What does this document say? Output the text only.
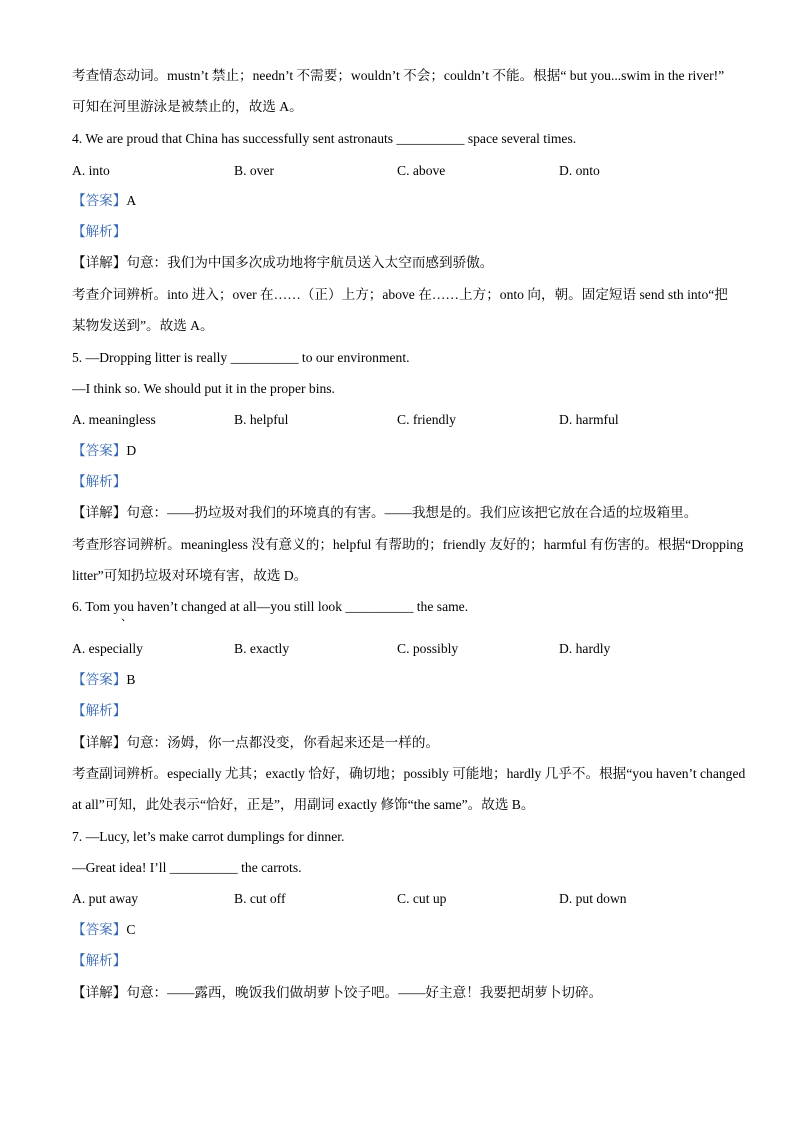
考查情态动词。mustn’t 禁止；needn’t 不需要；wouldn’t 不会；couldn’t 不能。根据“ but you...swim in the river!”
可知在河里游泳是被禁止的，故选 A。
4. We are proud that China has successfully sent astronauts __________ space several times.
A. into	B. over	C. above	D. onto
【答案】A
【解析】
【详解】句意：我们为中国多次成功地将宇航员送入太空而感到骄傲。
考查介词辨析。into 进入；over 在……（正）上方；above 在……上方；onto 向，朝。固定短语 send sth into“把
某物发送到”。故选 A。
5. —Dropping litter is really __________ to our environment.
—I think so. We should put it in the proper bins.
A. meaningless	B. helpful	C. friendly	D. harmful
【答案】D
【解析】
【详解】句意：——扔垃圾对我们的环境真的有害。——我想是的。我们应该把它放在合适的垃圾箱里。
考查形容词辨析。meaningless 没有意义的；helpful 有帮助的；friendly 友好的；harmful 有伤害的。根据“Dropping
litter”可知扔垃圾对环境有害，故选 D。
6. Tom you haven’t changed at all—you still look __________ the same.
、
A. especially	B. exactly	C. possibly	D. hardly
【答案】B
【解析】
【详解】句意：汤姆，你一点都没变，你看起来还是一样的。
考查副词辨析。especially 尤其；exactly 恰好，确切地；possibly 可能地；hardly 几乎不。根据“you haven’t changed
at all”可知，此处表示“恰好，正是”，用副词 exactly 修饰“the same”。故选 B。
7. —Lucy, let’s make carrot dumplings for dinner.
—Great idea! I’ll __________ the carrots.
A. put away	B. cut off	C. cut up	D. put down
【答案】C
【解析】
【详解】句意：——露西，晚饭我们做胡萝卜饺子吧。——好主意！我要把胡萝卜切碎。
